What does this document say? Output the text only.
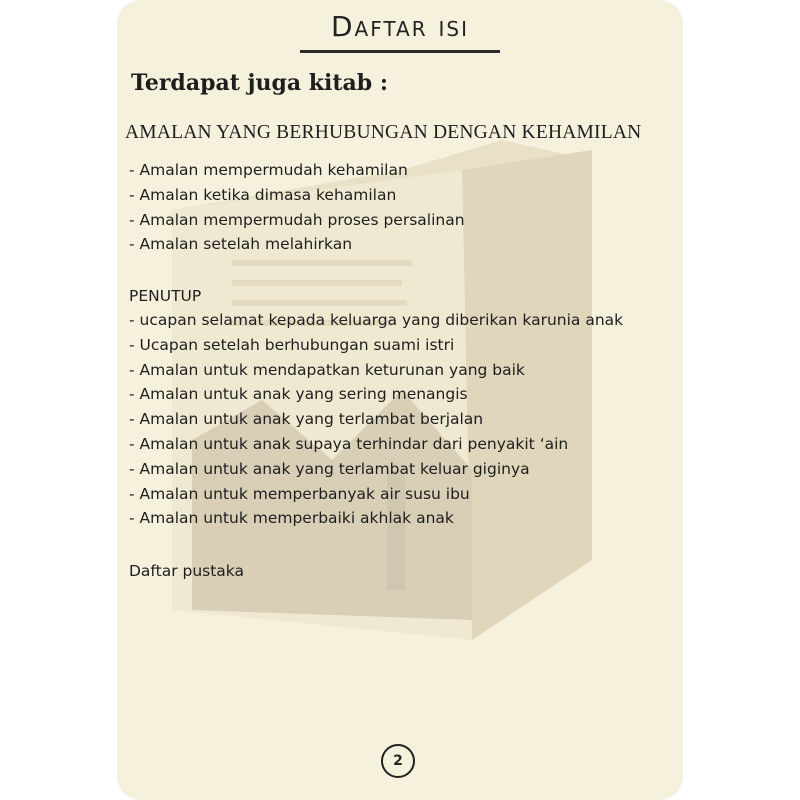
Daftar isi
Terdapat juga kitab :
AMALAN YANG BERHUBUNGAN DENGAN KEHAMILAN
- Amalan mempermudah kehamilan
- Amalan ketika dimasa kehamilan
- Amalan mempermudah proses persalinan
- Amalan setelah melahirkan
PENUTUP
- ucapan selamat kepada keluarga yang diberikan karunia anak
- Ucapan setelah berhubungan suami istri
- Amalan untuk mendapatkan keturunan yang baik
- Amalan untuk anak yang sering menangis
- Amalan untuk anak yang terlambat berjalan
- Amalan untuk anak supaya terhindar dari penyakit ‘ain
- Amalan untuk anak yang terlambat keluar giginya
- Amalan untuk memperbanyak air susu ibu
- Amalan untuk memperbaiki akhlak anak
Daftar pustaka
2
